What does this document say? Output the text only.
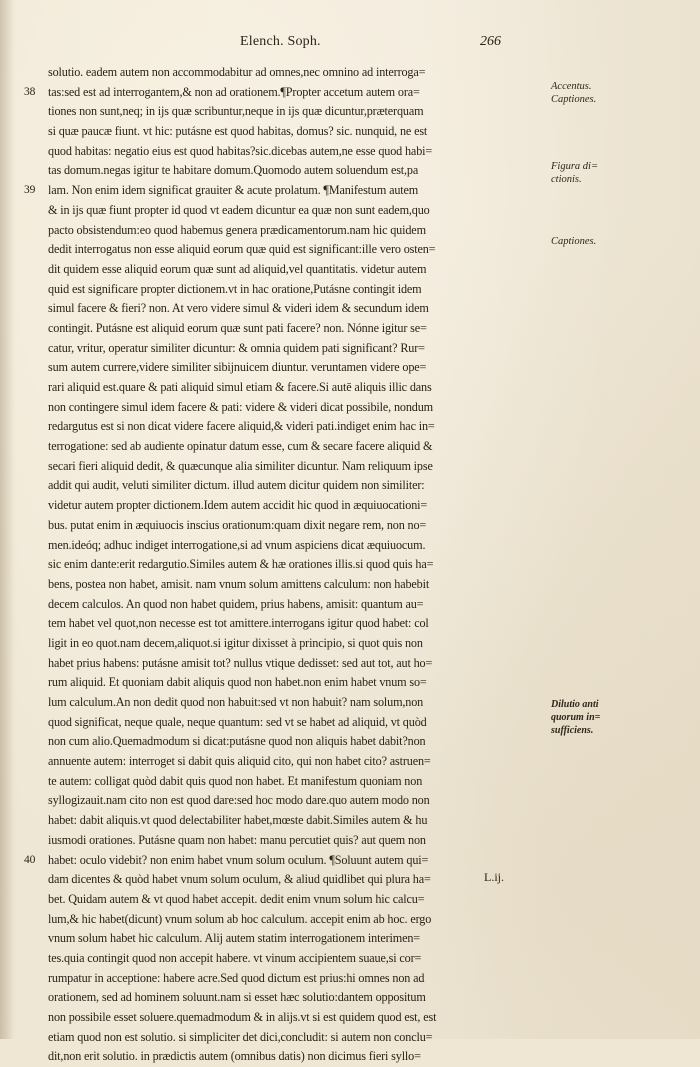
Elench. Soph.	266
solutio. eadem autem non accommodabitur ad omnes,nec omnino ad interroga=
38 tas:sed est ad interrogantem,& non ad orationem.¶Propter accetum autem ora=
tiones non sunt,neq; in ijs quæ scribuntur,neque in ijs quæ dicuntur,præterquam
si quæ paucæ fiunt. vt hic: putásne est quod habitas, domus? sic. nunquid, ne est
quod habitas: negatio eius est quod habitas?sic.dicebas autem,ne esse quod habi=
tas domum.negas igitur te habitare domum.Quomodo autem soluendum est,pa
39 lam. Non enim idem significat grauiter & acute prolatum. ¶Manifestum autem
& in ijs quæ fiunt propter id quod vt eadem dicuntur ea quæ non sunt eadem,quo
pacto obsistendum:eo quod habemus genera prædicamentorum.nam hic quidem
dedit interrogatus non esse aliquid eorum quæ quid est significant:ille vero osten=
dit quidem esse aliquid eorum quæ sunt ad aliquid,vel quantitatis. videtur autem
quid est significare propter dictionem.vt in hac oratione,Putásne contingit idem
simul facere & fieri? non. At vero videre simul & videri idem & secundum idem
contingit. Putásne est aliquid eorum quæ sunt pati facere? non. Nónne igitur se=
catur, vritur, operatur similiter dicuntur: & omnia quidem pati significant? Rur=
sum autem currere,videre similiter sibijnuicem diuntur. veruntamen videre ope=
rari aliquid est.quare & pati aliquid simul etiam & facere.Si autē aliquis illic dans
non contingere simul idem facere & pati: videre & videri dicat possibile, nondum
redargutus est si non dicat videre facere aliquid,& videri pati.indiget enim hac in=
terrogatione: sed ab audiente opinatur datum esse, cum & secare facere aliquid &
secari fieri aliquid dedit, & quæcunque alia similiter dicuntur. Nam reliquum ipse
addit qui audit, veluti similiter dictum. illud autem dicitur quidem non similiter:
videtur autem propter dictionem.Idem autem accidit hic quod in æquiuocationi=
bus. putat enim in æquiuocis inscius orationum:quam dixit negare rem, non no=
men.ideóq; adhuc indiget interrogatione,si ad vnum aspiciens dicat æquiuocum.
sic enim dante:erit redargutio.Similes autem & hæ orationes illis.si quod quis ha=
bens, postea non habet, amisit. nam vnum solum amittens calculum: non habebit
decem calculos. An quod non habet quidem, prius habens, amisit: quantum au=
tem habet vel quot,non necesse est tot amittere.interrogans igitur quod habet: col
ligit in eo quot.nam decem,aliquot.si igitur dixisset à principio, si quot quis non
habet prius habens: putásne amisit tot? nullus vtique dedisset: sed aut tot, aut ho=
rum aliquid. Et quoniam dabit aliquis quod non habet.non enim habet vnum so=
lum calculum.An non dedit quod non habuit:sed vt non habuit? nam solum,non
quod significat, neque quale, neque quantum: sed vt se habet ad aliquid, vt quòd
non cum alio.Quemadmodum si dicat:putásne quod non aliquis habet dabit?non
annuente autem: interroget si dabit quis aliquid cito, qui non habet cito? astruen=
te autem: colligat quòd dabit quis quod non habet. Et manifestum quoniam non
syllogizauit.nam cito non est quod dare:sed hoc modo dare.quo autem modo non
habet: dabit aliquis.vt quod delectabiliter habet,mœste dabit.Similes autem & hu
iusmodi orationes. Putásne quam non habet: manu percutiet quis? aut quem non
40 habet: oculo videbit? non enim habet vnum solum oculum. ¶Soluunt autem qui=
dam dicentes & quòd habet vnum solum oculum, & aliud quidlibet qui plura ha=
bet. Quidam autem & vt quod habet accepit. dedit enim vnum solum hic calcu=
lum,& hic habet(dicunt) vnum solum ab hoc calculum. accepit enim ab hoc. ergo
vnum solum habet hic calculum. Alij autem statim interrogationem interimen=
tes.quia contingit quod non accepit habere. vt vinum accipientem suaue,si cor=
rumpatur in acceptione: habere acre.Sed quod dictum est prius:hi omnes non ad
orationem, sed ad hominem soluunt.nam si esset hæc solutio:dantem oppositum
non possibile esset soluere.quemadmodum & in alijs.vt si est quidem quod est, est
etiam quod non est solutio. si simpliciter det dici,concludit: si autem non conclu=
dit,non erit solutio. in prædictis autem (omnibus datis) non dicimus fieri syllo=
Accentus.
Captiones.
Figura di=
ctionis.
Captiones.
Dilutio anti
quorum in=
sufficiens.
L.ij.
